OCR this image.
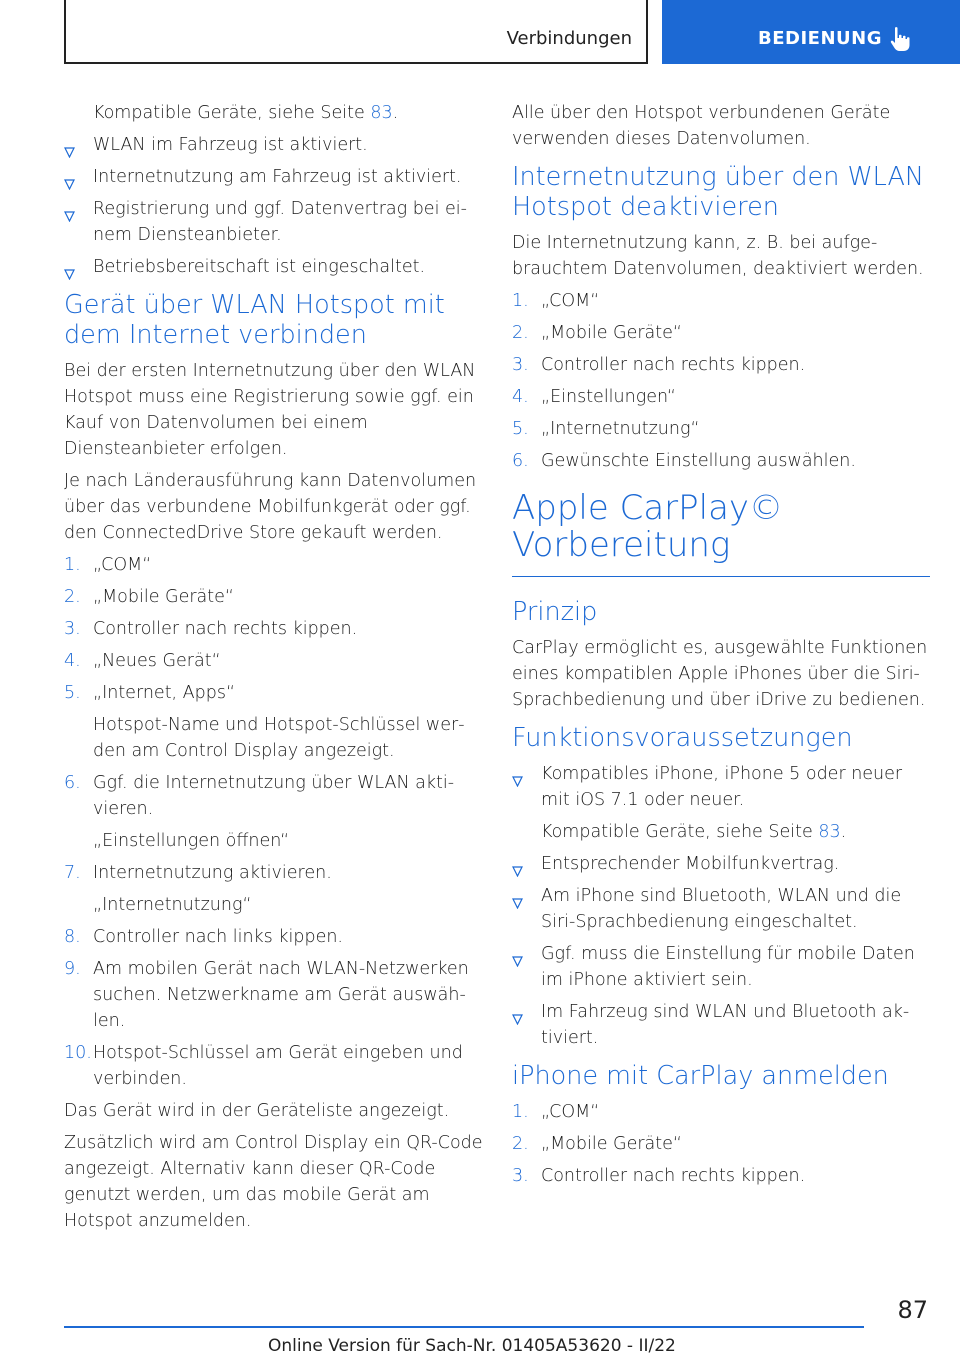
Verbindungen	BEDIENUNG

Kompatible Geräte, siehe Seite 83.

WLAN im Fahrzeug ist aktiviert.
Internetnutzung am Fahrzeug ist aktiviert.
Registrierung und ggf. Datenvertrag bei einem Diensteanbieter.
Betriebsbereitschaft ist eingeschaltet.
Gerät über WLAN Hotspot mit dem Internet verbinden

Bei der ersten Internetnutzung über den WLAN Hotspot muss eine Registrierung sowie ggf. ein Kauf von Datenvolumen bei einem Diensteanbieter erfolgen.

Je nach Länderausführung kann Datenvolumen über das verbundene Mobilfunkgerät oder ggf. den ConnectedDrive Store gekauft werden.

1. „COM“
2. „Mobile Geräte“
3. Controller nach rechts kippen.
4. „Neues Gerät“
5. „Internet, Apps“

Hotspot-Name und Hotspot-Schlüssel werden am Control Display angezeigt.

6. Ggf. die Internetnutzung über WLAN aktivieren.

„Einstellungen öffnen“

7. Internetnutzung aktivieren.

„Internetnutzung“

8. Controller nach links kippen.
9. Am mobilen Gerät nach WLAN-Netzwerken suchen. Netzwerkname am Gerät auswählen.
10. Hotspot-Schlüssel am Gerät eingeben und verbinden.

Das Gerät wird in der Geräteliste angezeigt.

Zusätzlich wird am Control Display ein QR-Code angezeigt. Alternativ kann dieser QR-Code genutzt werden, um das mobile Gerät am Hotspot anzumelden.

Alle über den Hotspot verbundenen Geräte verwenden dieses Datenvolumen.

Internetnutzung über den WLAN Hotspot deaktivieren

Die Internetnutzung kann, z. B. bei aufgebrauchtem Datenvolumen, deaktiviert werden.

1. „COM“
2. „Mobile Geräte“
3. Controller nach rechts kippen.
4. „Einstellungen“
5. „Internetnutzung“
6. Gewünschte Einstellung auswählen.
Apple CarPlay© Vorbereitung
Prinzip

CarPlay ermöglicht es, ausgewählte Funktionen eines kompatiblen Apple iPhones über die Siri-Sprachbedienung und über iDrive zu bedienen.

Funktionsvoraussetzungen
Kompatibles iPhone, iPhone 5 oder neuer mit iOS 7.1 oder neuer.

Kompatible Geräte, siehe Seite 83.

Entsprechender Mobilfunkvertrag.
Am iPhone sind Bluetooth, WLAN und die Siri-Sprachbedienung eingeschaltet.
Ggf. muss die Einstellung für mobile Daten im iPhone aktiviert sein.
Im Fahrzeug sind WLAN und Bluetooth aktiviert.
iPhone mit CarPlay anmelden
1. „COM“
2. „Mobile Geräte“
3. Controller nach rechts kippen.
87
Online Version für Sach-Nr. 01405A53620 - II/22
